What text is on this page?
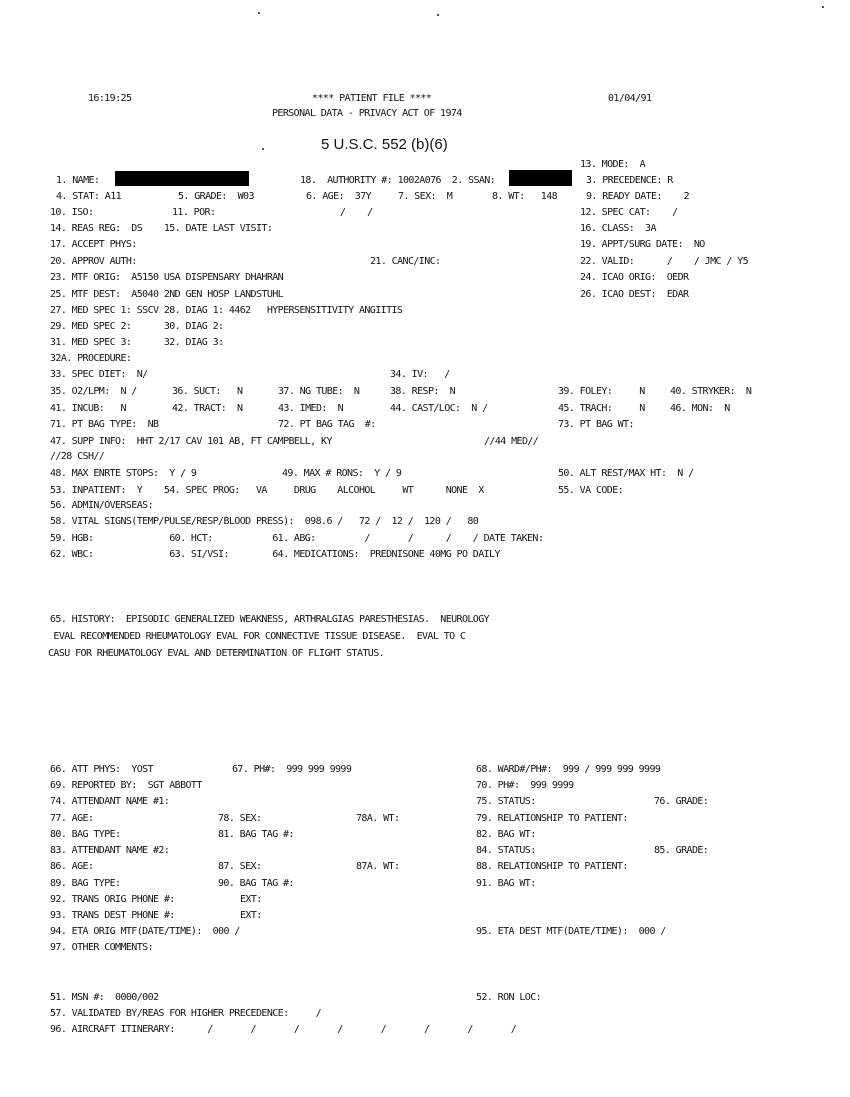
16:19:25	**** PATIENT FILE ****	01/04/91
PERSONAL DATA - PRIVACY ACT OF 1974
5 U.S.C. 552 (b)(6)
13. MODE:  A
1. NAME:	18.  AUTHORITY #: 1002A076  2. SSAN:	3. PRECEDENCE: R
4. STAT: A11	5. GRADE:  W03	6. AGE:  37Y	7. SEX:  M	8. WT:   148	9. READY DATE:    2
10. ISO:	11. POR:	/    /	12. SPEC CAT:    /
14. REAS REG:  DS    15. DATE LAST VISIT:	16. CLASS:  3A
17. ACCEPT PHYS:	19. APPT/SURG DATE:  NO
20. APPROV AUTH:	21. CANC/INC:	22. VALID:      /    / JMC / Y5
23. MTF ORIG:  A5150 USA DISPENSARY DHAHRAN	24. ICAO ORIG:  OEDR
25. MTF DEST:  A5040 2ND GEN HOSP LANDSTUHL	26. ICAO DEST:  EDAR
27. MED SPEC 1: SSCV 28. DIAG 1: 4462   HYPERSENSITIVITY ANGIITIS
29. MED SPEC 2:      30. DIAG 2:
31. MED SPEC 3:      32. DIAG 3:
32A. PROCEDURE:
33. SPEC DIET:  N/	34. IV:   /
35. O2/LPM:  N /	36. SUCT:   N	37. NG TUBE:  N	38. RESP:  N	39. FOLEY:     N	40. STRYKER:  N
41. INCUB:   N	42. TRACT:  N	43. IMED:  N	44. CAST/LOC:  N /	45. TRACH:     N	46. MON:  N
71. PT BAG TYPE:  NB	72. PT BAG TAG  #:	73. PT BAG WT:
47. SUPP INFO:  HHT 2/17 CAV 101 AB, FT CAMPBELL, KY	//44 MED//
//28 CSH//
48. MAX ENRTE STOPS:  Y / 9	49. MAX # RONS:  Y / 9	50. ALT REST/MAX HT:  N /
53. INPATIENT:  Y    54. SPEC PROG:   VA     DRUG    ALCOHOL     WT      NONE  X	55. VA CODE:
56. ADMIN/OVERSEAS:
58. VITAL SIGNS(TEMP/PULSE/RESP/BLOOD PRESS):  098.6 /   72 /  12 /  120 /   80
59. HGB:              60. HCT:           61. ABG:         /       /      /    / DATE TAKEN:
62. WBC:              63. SI/VSI:        64. MEDICATIONS:  PREDNISONE 40MG PO DAILY
65. HISTORY:  EPISODIC GENERALIZED WEAKNESS, ARTHRALGIAS PARESTHESIAS.  NEUROLOGY
EVAL RECOMMENDED RHEUMATOLOGY EVAL FOR CONNECTIVE TISSUE DISEASE.  EVAL TO C
CASU FOR RHEUMATOLOGY EVAL AND DETERMINATION OF FLIGHT STATUS.
66. ATT PHYS:  YOST	67. PH#:  999 999 9999	68. WARD#/PH#:  999 / 999 999 9999
69. REPORTED BY:  SGT ABBOTT	70. PH#:  999 9999
74. ATTENDANT NAME #1:	75. STATUS:	76. GRADE:
77. AGE:	78. SEX:	78A. WT:	79. RELATIONSHIP TO PATIENT:
80. BAG TYPE:	81. BAG TAG #:	82. BAG WT:
83. ATTENDANT NAME #2:	84. STATUS:	85. GRADE:
86. AGE:	87. SEX:	87A. WT:	88. RELATIONSHIP TO PATIENT:
89. BAG TYPE:	90. BAG TAG #:	91. BAG WT:
92. TRANS ORIG PHONE #:	EXT:
93. TRANS DEST PHONE #:	EXT:
94. ETA ORIG MTF(DATE/TIME):  000 /	95. ETA DEST MTF(DATE/TIME):  000 /
97. OTHER COMMENTS:
51. MSN #:  0000/002	52. RON LOC:
57. VALIDATED BY/REAS FOR HIGHER PRECEDENCE:     /
96. AIRCRAFT ITINERARY:      /       /       /       /       /       /       /       /
